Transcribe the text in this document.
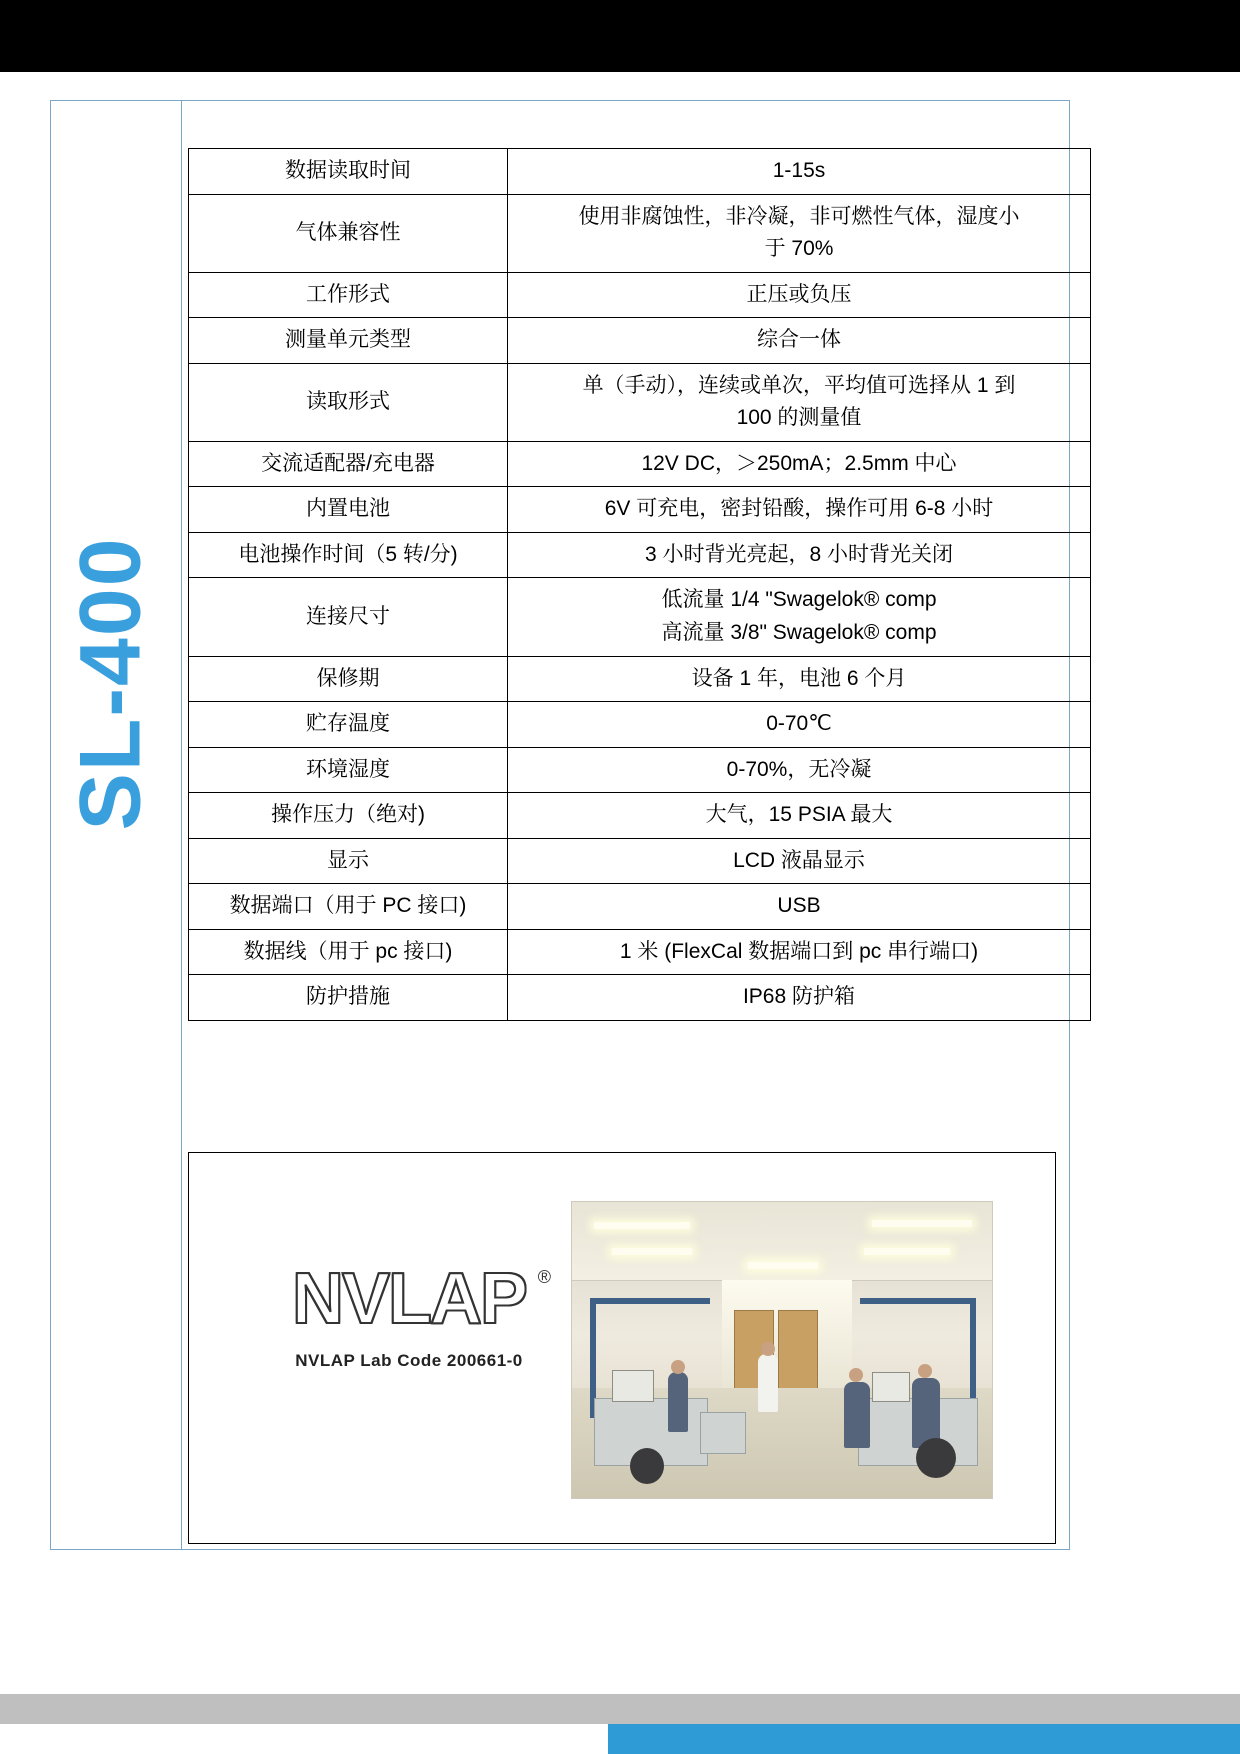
SL-400
数据读取时间	1-15s

气体兼容性	使用非腐蚀性，非冷凝，非可燃性气体，湿度小
于 70%

工作形式	正压或负压

测量单元类型	综合一体

读取形式	单（手动），连续或单次，平均值可选择从 1 到
100 的测量值

交流适配器/充电器	12V DC，＞250mA；2.5mm 中心

内置电池	6V 可充电，密封铅酸，操作可用 6-8 小时

电池操作时间（5 转/分)	3 小时背光亮起，8 小时背光关闭

连接尺寸	低流量 1/4 "Swagelok® comp
高流量 3/8" Swagelok® comp

保修期	设备 1 年，电池 6 个月

贮存温度	0-70℃

环境湿度	0-70%，无冷凝

操作压力（绝对)	大气，15 PSIA 最大

显示	LCD 液晶显示

数据端口（用于 PC 接口)	USB

数据线（用于 pc 接口)	1 米 (FlexCal 数据端口到 pc 串行端口)

防护措施	IP68 防护箱
NVLAP ®
NVLAP Lab Code 200661-0
